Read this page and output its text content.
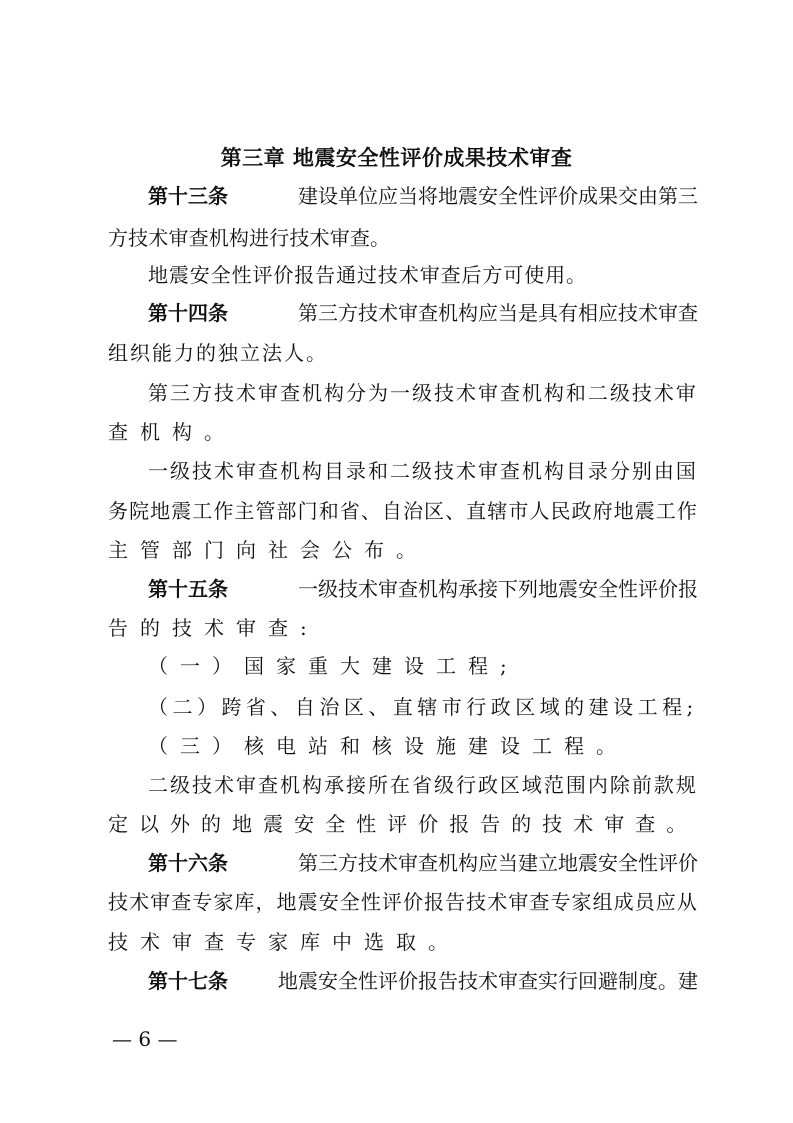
第三章 地震安全性评价成果技术审查
第十三条	建设单位应当将地震安全性评价成果交由第三
方技术审查机构进行技术审查。
地震安全性评价报告通过技术审查后方可使用。
第十四条	第三方技术审查机构应当是具有相应技术审查
组织能力的独立法人。
第三方技术审查机构分为一级技术审查机构和二级技术审
查机构。
一级技术审查机构目录和二级技术审查机构目录分别由国
务院地震工作主管部门和省、自治区、直辖市人民政府地震工作
主管部门向社会公布。
第十五条	一级技术审查机构承接下列地震安全性评价报
告的技术审查:
（一）国家重大建设工程;
（二）跨省、自治区、直辖市行政区域的建设工程;
（三）核电站和核设施建设工程。
二级技术审查机构承接所在省级行政区域范围内除前款规
定以外的地震安全性评价报告的技术审查。
第十六条	第三方技术审查机构应当建立地震安全性评价
技术审查专家库，地震安全性评价报告技术审查专家组成员应从
技术审查专家库中选取。
第十七条	地震安全性评价报告技术审查实行回避制度。建
— 6 —
